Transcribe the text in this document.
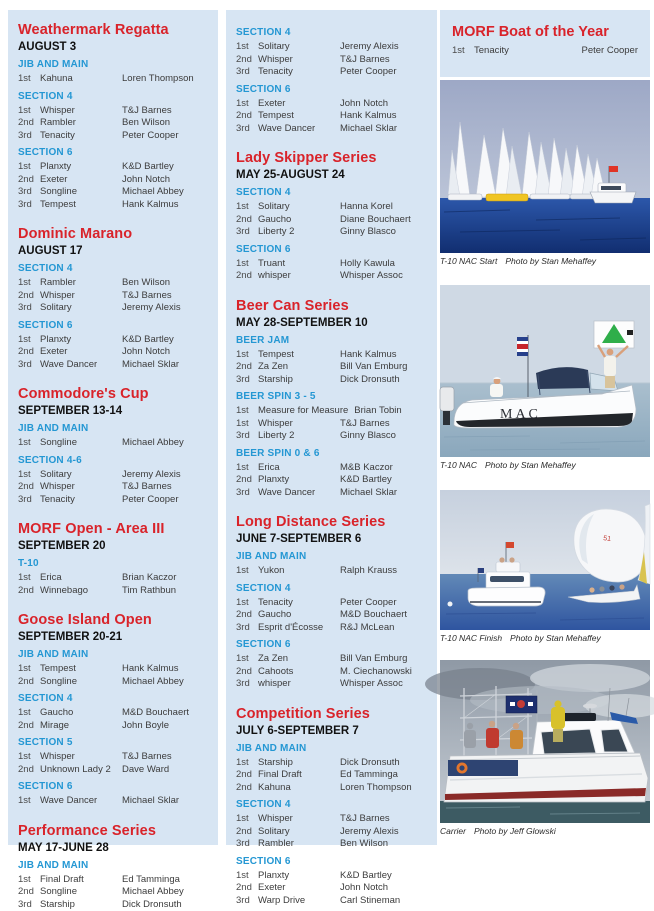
Weathermark Regatta
AUGUST 3
JIB AND MAIN
1st Kahuna	Loren Thompson
SECTION 4
1st Whisper	T&J Barnes
2nd Rambler	Ben Wilson
3rd Tenacity	Peter Cooper
SECTION 6
1st Planxty	K&D Bartley
2nd Exeter	John Notch
3rd Songline	Michael Abbey
3rd Tempest	Hank Kalmus
Dominic Marano
AUGUST 17
SECTION 4
1st Rambler	Ben Wilson
2nd Whisper	T&J Barnes
3rd Solitary	Jeremy Alexis
SECTION 6
1st Planxty	K&D Bartley
2nd Exeter	John Notch
3rd Wave Dancer	Michael Sklar
Commodore's Cup
SEPTEMBER 13-14
JIB AND MAIN
1st Songline	Michael Abbey
SECTION 4-6
1st Solitary	Jeremy Alexis
2nd Whisper	T&J Barnes
3rd Tenacity	Peter Cooper
MORF Open - Area III
SEPTEMBER 20
T-10
1st Erica	Brian Kaczor
2nd Winnebago	Tim Rathbun
Goose Island Open
SEPTEMBER 20-21
JIB AND MAIN
1st Tempest	Hank Kalmus
2nd Songline	Michael Abbey
SECTION 4
1st Gaucho	M&D Bouchaert
2nd Mirage	John Boyle
SECTION 5
1st Whisper	T&J Barnes
2nd Unknown Lady 2	Dave Ward
SECTION 6
1st Wave Dancer	Michael Sklar
Performance Series
MAY 17-JUNE 28
JIB AND MAIN
1st Final Draft	Ed Tamminga
2nd Songline	Michael Abbey
3rd Starship	Dick Dronsuth
SECTION 4
1st Solitary	Jeremy Alexis
2nd Whisper	T&J Barnes
3rd Tenacity	Peter Cooper
SECTION 6
1st Exeter	John Notch
2nd Tempest	Hank Kalmus
3rd Wave Dancer	Michael Sklar
Lady Skipper Series
MAY 25-AUGUST 24
SECTION 4
1st Solitary	Hanna Korel
2nd Gaucho	Diane Bouchaert
3rd Liberty 2	Ginny Blasco
SECTION 6
1st Truant	Holly Kawula
2nd whisper	Whisper Assoc
Beer Can Series
MAY 28-SEPTEMBER 10
BEER JAM
1st Tempest	Hank Kalmus
2nd Za Zen	Bill Van Emburg
3rd Starship	Dick Dronsuth
BEER SPIN 3 - 5
1st Measure for Measure Brian Tobin
1st Whisper	T&J Barnes
3rd Liberty 2	Ginny Blasco
BEER SPIN 0 & 6
1st Erica	M&B Kaczor
2nd Planxty	K&D Bartley
3rd Wave Dancer	Michael Sklar
Long Distance Series
JUNE 7-SEPTEMBER 6
JIB AND MAIN
1st Yukon	Ralph Krauss
SECTION 4
1st Tenacity	Peter Cooper
2nd Gaucho	M&D Bouchaert
3rd Esprit d'Écosse	R&J McLean
SECTION 6
1st Za Zen	Bill Van Emburg
2nd Cahoots	M. Ciechanowski
3rd whisper	Whisper Assoc
Competition Series
JULY 6-SEPTEMBER 7
JIB AND MAIN
1st Starship	Dick Dronsuth
2nd Final Draft	Ed Tamminga
2nd Kahuna	Loren Thompson
SECTION 4
1st Whisper	T&J Barnes
2nd Solitary	Jeremy Alexis
3rd Rambler	Ben Wilson
SECTION 6
1st Planxty	K&D Bartley
2nd Exeter	John Notch
3rd Warp Drive	Carl Stineman
MORF Boat of the Year
1st Tenacity	Peter Cooper
T-10 NAC Start Photo by Stan Mehaffey
MAC
T-10 NAC Photo by Stan Mehaffey
51
T-10 NAC Finish Photo by Stan Mehaffey
Carrier Photo by Jeff Glowski
